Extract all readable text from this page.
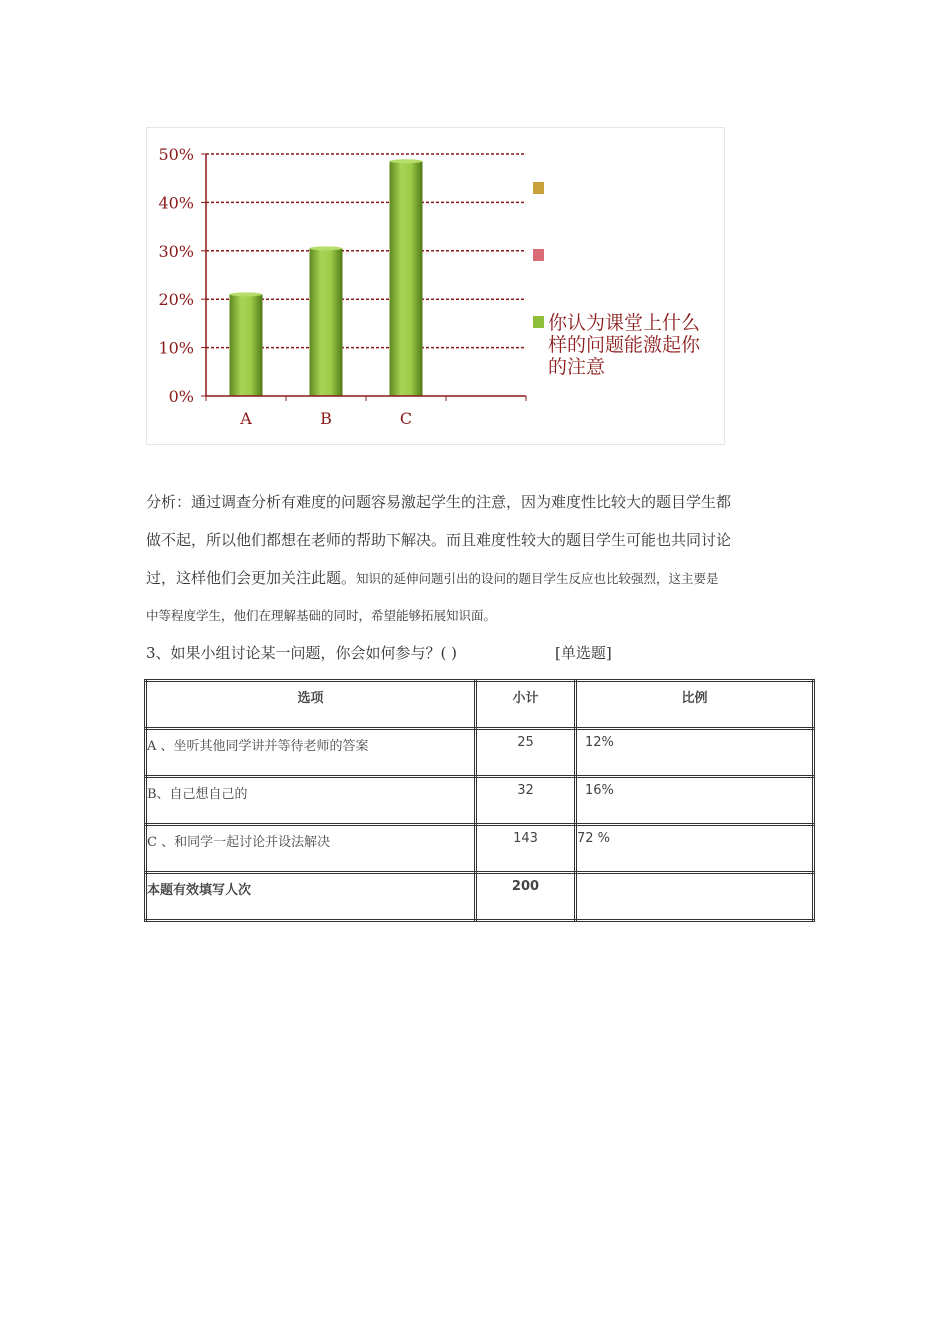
0%
10%
20%
30%
40%
50%
A	B	C
你认为课堂上什么
样的问题能激起你
的注意
分析：通过调查分析有难度的问题容易激起学生的注意，因为难度性比较大的题目学生都
做不起，所以他们都想在老师的帮助下解决。而且难度性较大的题目学生可能也共同讨论
过，这样他们会更加关注此题。知识的延伸问题引出的设问的题目学生反应也比较强烈，这主要是
中等程度学生，他们在理解基础的同时，希望能够拓展知识面。
3、如果小组讨论某一问题，你会如何参与？( )	[单选题]
选项	小计	比例
A 、坐听其他同学讲并等待老师的答案	25	12%
B、自己想自己的	32	16%
C 、和同学一起讨论并设法解决	143	72 %
本题有效填写人次	200	
